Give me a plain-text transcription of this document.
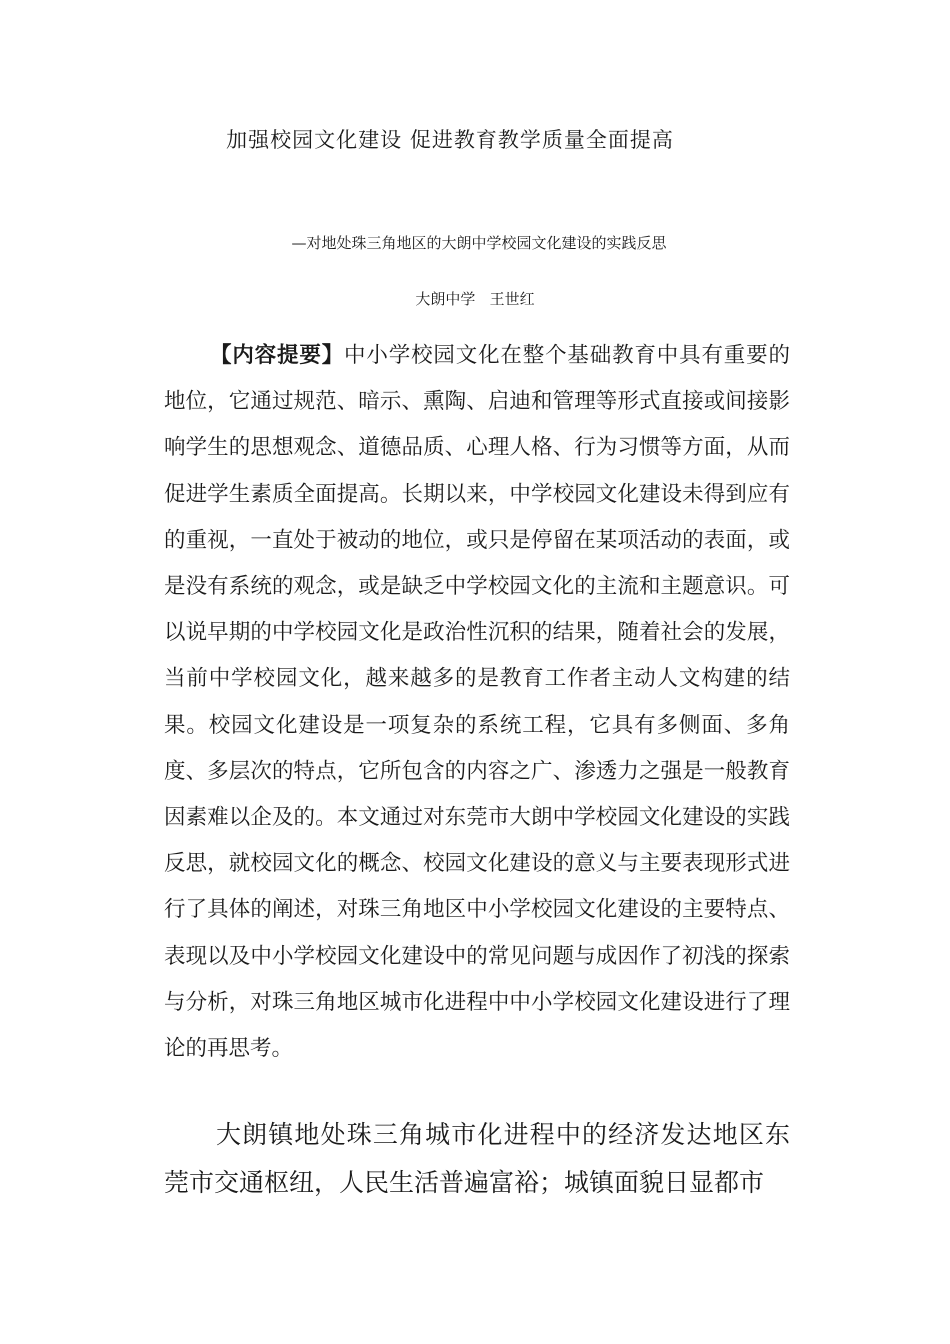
加强校园文化建设 促进教育教学质量全面提高
—对地处珠三角地区的大朗中学校园文化建设的实践反思
大朗中学   王世红

【内容提要】中小学校园文化在整个基础教育中具有重要的地位，它通过规范、暗示、熏陶、启迪和管理等形式直接或间接影响学生的思想观念、道德品质、心理人格、行为习惯等方面，从而促进学生素质全面提高。长期以来，中学校园文化建设未得到应有的重视，一直处于被动的地位，或只是停留在某项活动的表面，或是没有系统的观念，或是缺乏中学校园文化的主流和主题意识。可以说早期的中学校园文化是政治性沉积的结果，随着社会的发展，当前中学校园文化，越来越多的是教育工作者主动人文构建的结果。校园文化建设是一项复杂的系统工程，它具有多侧面、多角度、多层次的特点，它所包含的内容之广、渗透力之强是一般教育因素难以企及的。本文通过对东莞市大朗中学校园文化建设的实践反思，就校园文化的概念、校园文化建设的意义与主要表现形式进行了具体的阐述，对珠三角地区中小学校园文化建设的主要特点、表现以及中小学校园文化建设中的常见问题与成因作了初浅的探索与分析，对珠三角地区城市化进程中中小学校园文化建设进行了理论的再思考。

大朗镇地处珠三角城市化进程中的经济发达地区东莞市交通枢纽，人民生活普遍富裕；城镇面貌日显都市
